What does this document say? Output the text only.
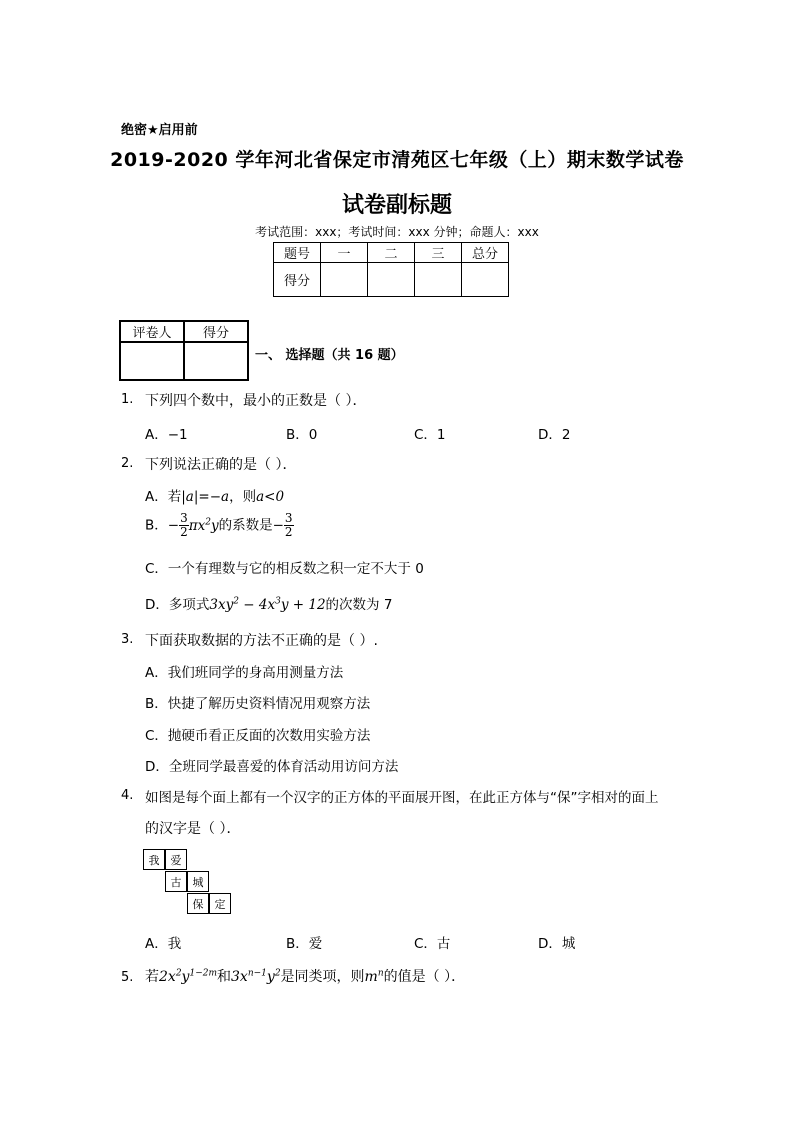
绝密★启用前
2019-2020 学年河北省保定市清苑区七年级（上）期末数学试卷
试卷副标题
考试范围：xxx；考试时间：xxx 分钟；命题人：xxx
题号	一	二	三	总分
得分				
评卷人	得分

一、 选择题（共 16 题）
1. 下列四个数中，最小的正数是（ ）．
A．−1	B．0	C．1	D．2
2. 下列说法正确的是（ ）．
A．若|a|=−a，则a<0
B．− $\frac{3}{2} \pi x^2y$的系数是− $\frac{3}{2}$
C．一个有理数与它的相反数之积一定不大于 0
D．多项式$3xy^2 - 4x^3y + 12$的次数为 7
3. 下面获取数据的方法不正确的是（ ）.
A．我们班同学的身高用测量方法
B．快捷了解历史资料情况用观察方法
C．抛硬币看正反面的次数用实验方法
D．全班同学最喜爱的体育活动用访问方法
4. 如图是每个面上都有一个汉字的正方体的平面展开图，在此正方体与“保”字相对的面上
的汉字是（ ）．
我	爱
古	城
保	定
A．我	B．爱	C．古	D．城
5. 若$2x^2y^{1-2m}$和$3x^{n-1}y^2$是同类项，则$m^n$的值是（ ）．
